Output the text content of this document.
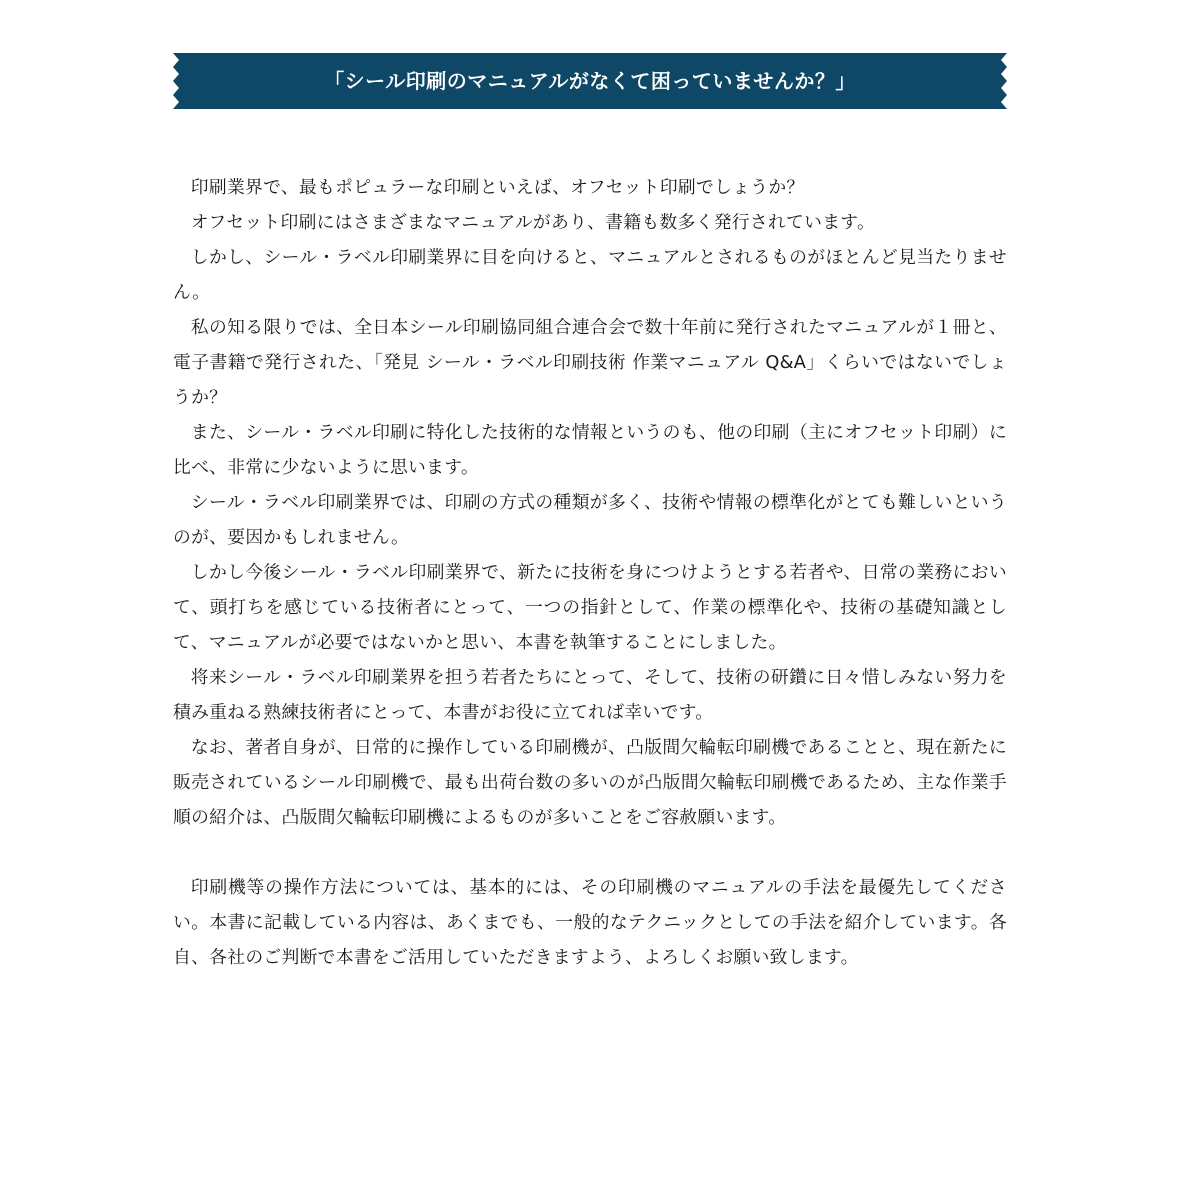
「シール印刷のマニュアルがなくて困っていませんか？」

印刷業界で、最もポピュラーな印刷といえば、オフセット印刷でしょうか？

オフセット印刷にはさまざまなマニュアルがあり、書籍も数多く発行されています。

しかし、シール・ラベル印刷業界に目を向けると、マニュアルとされるものがほとんど見当たりません。

私の知る限りでは、全日本シール印刷協同組合連合会で数十年前に発行されたマニュアルが１冊と、電子書籍で発行された、「発見 シール・ラベル印刷技術 作業マニュアル Q&A」くらいではないでしょうか？

また、シール・ラベル印刷に特化した技術的な情報というのも、他の印刷（主にオフセット印刷）に比べ、非常に少ないように思います。

シール・ラベル印刷業界では、印刷の方式の種類が多く、技術や情報の標準化がとても難しいというのが、要因かもしれません。

しかし今後シール・ラベル印刷業界で、新たに技術を身につけようとする若者や、日常の業務において、頭打ちを感じている技術者にとって、一つの指針として、作業の標準化や、技術の基礎知識として、マニュアルが必要ではないかと思い、本書を執筆することにしました。

将来シール・ラベル印刷業界を担う若者たちにとって、そして、技術の研鑽に日々惜しみない努力を積み重ねる熟練技術者にとって、本書がお役に立てれば幸いです。

なお、著者自身が、日常的に操作している印刷機が、凸版間欠輪転印刷機であることと、現在新たに販売されているシール印刷機で、最も出荷台数の多いのが凸版間欠輪転印刷機であるため、主な作業手順の紹介は、凸版間欠輪転印刷機によるものが多いことをご容赦願います。

印刷機等の操作方法については、基本的には、その印刷機のマニュアルの手法を最優先してください。本書に記載している内容は、あくまでも、一般的なテクニックとしての手法を紹介しています。各自、各社のご判断で本書をご活用していただきますよう、よろしくお願い致します。
